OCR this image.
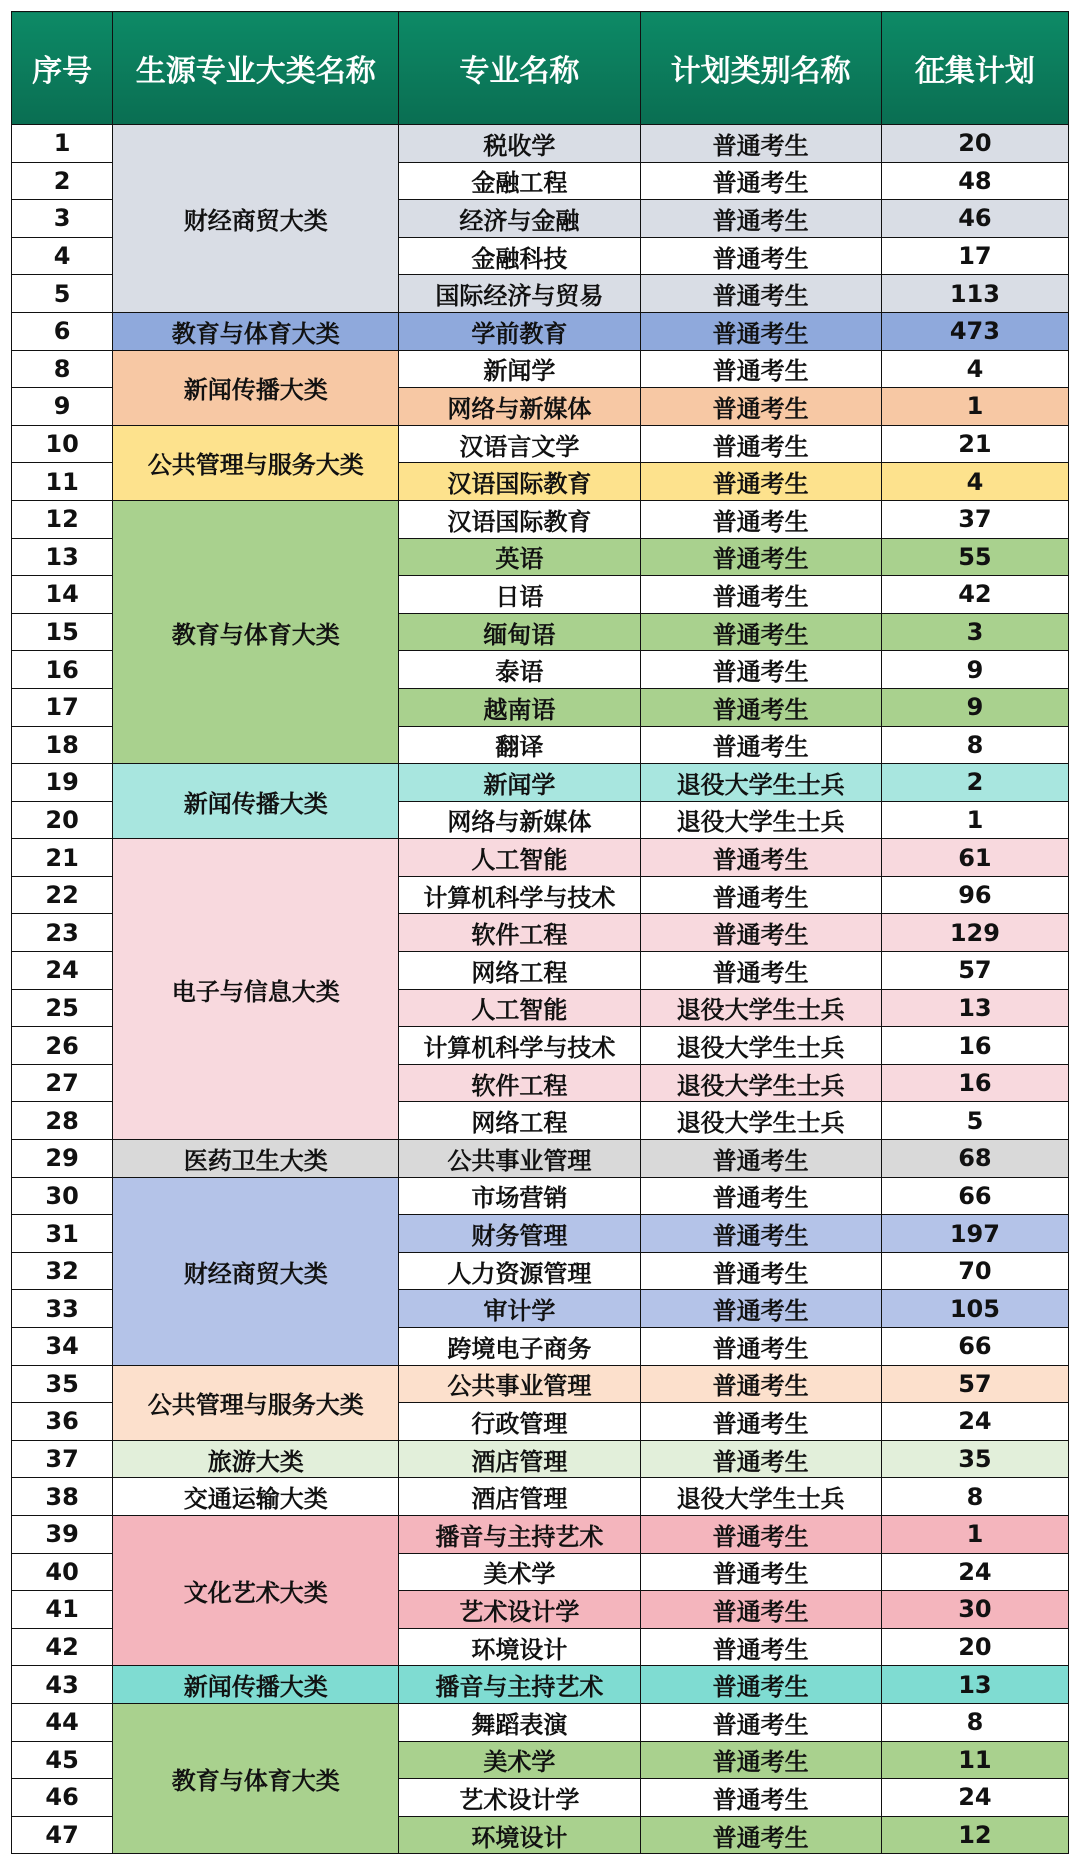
序号	生源专业大类名称	专业名称	计划类别名称	征集计划
1	财经商贸大类	税收学	普通考生	20
2		金融工程	普通考生	48
3		经济与金融	普通考生	46
4		金融科技	普通考生	17
5		国际经济与贸易	普通考生	113
6	教育与体育大类	学前教育	普通考生	473
8	新闻传播大类	新闻学	普通考生	4
9		网络与新媒体	普通考生	1
10	公共管理与服务大类	汉语言文学	普通考生	21
11		汉语国际教育	普通考生	4
12	教育与体育大类	汉语国际教育	普通考生	37
13		英语	普通考生	55
14		日语	普通考生	42
15		缅甸语	普通考生	3
16		泰语	普通考生	9
17		越南语	普通考生	9
18		翻译	普通考生	8
19	新闻传播大类	新闻学	退役大学生士兵	2
20		网络与新媒体	退役大学生士兵	1
21	电子与信息大类	人工智能	普通考生	61
22		计算机科学与技术	普通考生	96
23		软件工程	普通考生	129
24		网络工程	普通考生	57
25		人工智能	退役大学生士兵	13
26		计算机科学与技术	退役大学生士兵	16
27		软件工程	退役大学生士兵	16
28		网络工程	退役大学生士兵	5
29	医药卫生大类	公共事业管理	普通考生	68
30	财经商贸大类	市场营销	普通考生	66
31		财务管理	普通考生	197
32		人力资源管理	普通考生	70
33		审计学	普通考生	105
34		跨境电子商务	普通考生	66
35	公共管理与服务大类	公共事业管理	普通考生	57
36		行政管理	普通考生	24
37	旅游大类	酒店管理	普通考生	35
38	交通运输大类	酒店管理	退役大学生士兵	8
39	文化艺术大类	播音与主持艺术	普通考生	1
40		美术学	普通考生	24
41		艺术设计学	普通考生	30
42		环境设计	普通考生	20
43	新闻传播大类	播音与主持艺术	普通考生	13
44	教育与体育大类	舞蹈表演	普通考生	8
45		美术学	普通考生	11
46		艺术设计学	普通考生	24
47		环境设计	普通考生	12
